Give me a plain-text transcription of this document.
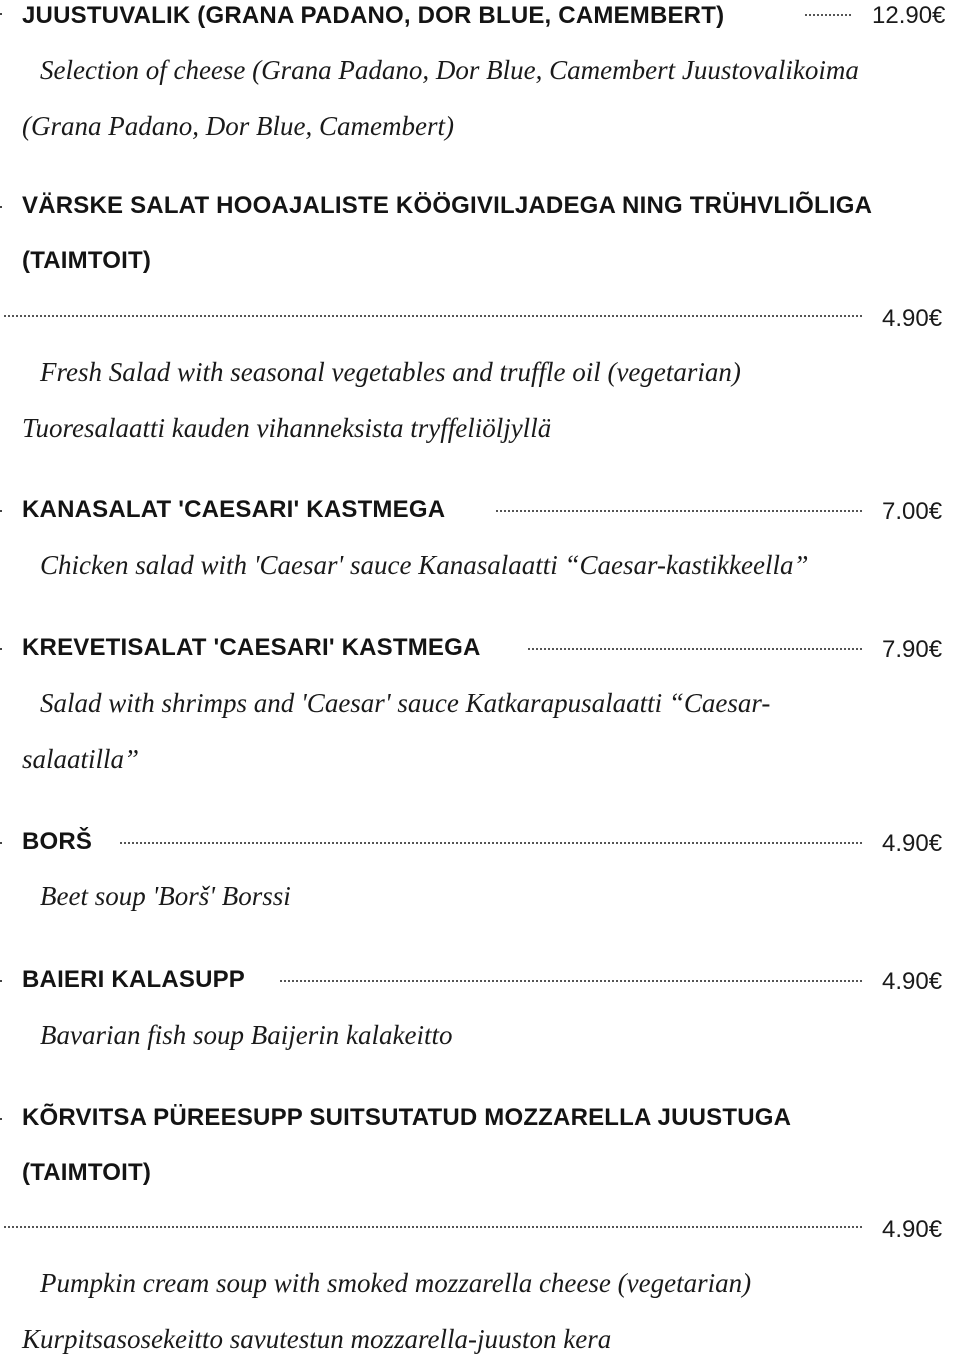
JUUSTUVALIK (GRANA PADANO, DOR BLUE, CAMEMBERT)	12.90€
Selection of cheese (Grana Padano, Dor Blue, Camembert Juustovalikoima
(Grana Padano, Dor Blue, Camembert)
VÄRSKE SALAT HOOAJALISTE KÖÖGIVILJADEGA NING TRÜHVLIÕLIGA
(TAIMTOIT)
4.90€
Fresh Salad with seasonal vegetables and truffle oil (vegetarian)
Tuoresalaatti kauden vihanneksista tryffeliöljyllä
KANASALAT 'CAESARI' KASTMEGA	7.00€
Chicken salad with 'Caesar' sauce Kanasalaatti “Caesar-kastikkeella”
KREVETISALAT 'CAESARI' KASTMEGA	7.90€
Salad with shrimps and 'Caesar' sauce Katkarapusalaatti “Caesar-
salaatilla”
BORŠ	4.90€
Beet soup 'Borš' Borssi
BAIERI KALASUPP	4.90€
Bavarian fish soup Baijerin kalakeitto
KÕRVITSA PÜREESUPP SUITSUTATUD MOZZARELLA JUUSTUGA
(TAIMTOIT)
4.90€
Pumpkin cream soup with smoked mozzarella cheese (vegetarian)
Kurpitsasosekeitto savutestun mozzarella-juuston kera
